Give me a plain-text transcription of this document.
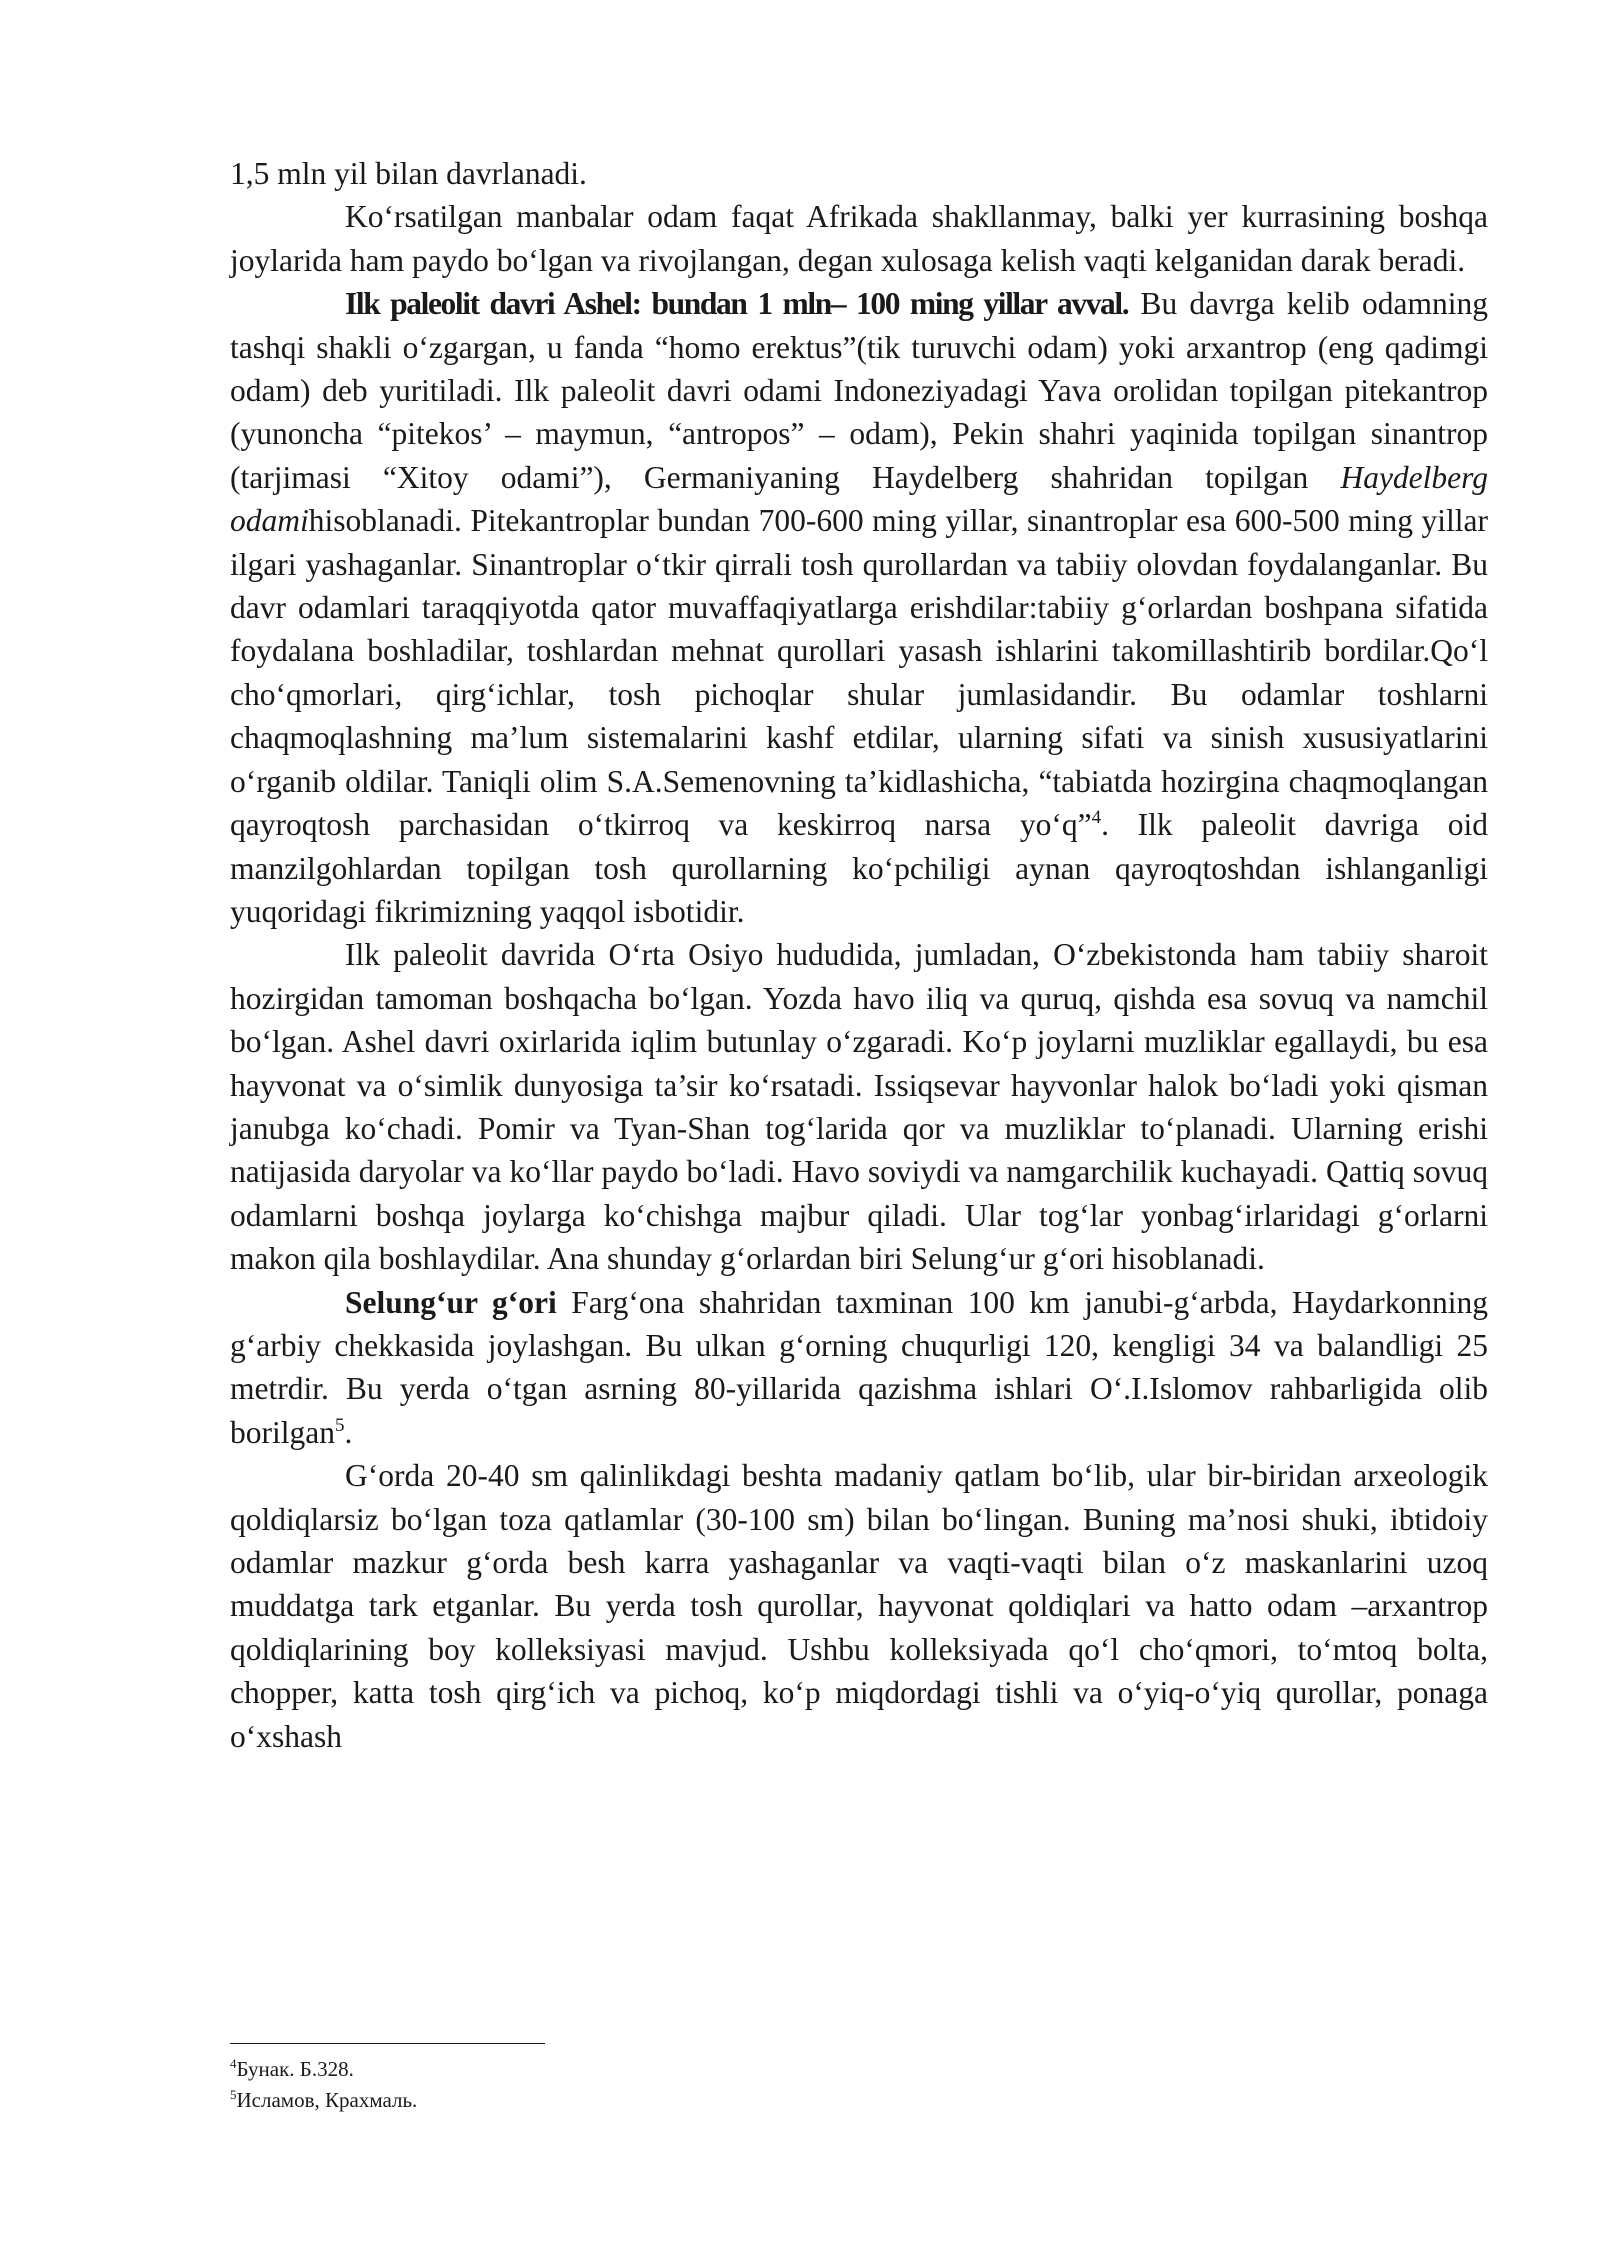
1,5 mln yil bilan davrlanadi.

Koʻrsatilgan manbalar odam faqat Afrikada shakllanmay, balki yer kurrasining boshqa joylarida ham paydo boʻlgan va rivojlangan, degan xulosaga kelish vaqti kelganidan darak beradi.

Ilk paleolit davri Ashel: bundan 1 mln– 100 ming yillar avval. Bu davrga kelib odamning tashqi shakli oʻzgargan, u fanda “homo erektus”(tik turuvchi odam) yoki arxantrop (eng qadimgi odam) deb yuritiladi. Ilk paleolit davri odami Indoneziyadagi Yava orolidan topilgan pitekantrop (yunoncha “pitekos’ – maymun, “antropos” – odam), Pekin shahri yaqinida topilgan sinantrop (tarjimasi “Xitoy odami”), Germaniyaning Haydelberg shahridan topilgan Haydelberg odamihisoblanadi. Pitekantroplar bundan 700-600 ming yillar, sinantroplar esa 600-500 ming yillar ilgari yashaganlar. Sinantroplar oʻtkir qirrali tosh qurollardan va tabiiy olovdan foydalanganlar. Bu davr odamlari taraqqiyotda qator muvaffaqiyatlarga erishdilar:tabiiy gʻorlardan boshpana sifatida foydalana boshladilar, toshlardan mehnat qurollari yasash ishlarini takomillashtirib bordilar.Qoʻl choʻqmorlari, qirgʻichlar, tosh pichoqlar shular jumlasidandir. Bu odamlar toshlarni chaqmoqlashning ma’lum sistemalarini kashf etdilar, ularning sifati va sinish xususiyatlarini oʻrganib oldilar. Taniqli olim S.A.Semenovning ta’kidlashicha, “tabiatda hozirgina chaqmoqlangan qayroqtosh parchasidan oʻtkirroq va keskirroq narsa yoʻq”$^4$. Ilk paleolit davriga oid manzilgohlardan topilgan tosh qurollarning koʻpchiligi aynan qayroqtoshdan ishlanganligi yuqoridagi fikrimizning yaqqol isbotidir.

Ilk paleolit davrida Oʻrta Osiyo hududida, jumladan, Oʻzbekistonda ham tabiiy sharoit hozirgidan tamoman boshqacha boʻlgan. Yozda havo iliq va quruq, qishda esa sovuq va namchil boʻlgan. Ashel davri oxirlarida iqlim butunlay oʻzgaradi. Koʻp joylarni muzliklar egallaydi, bu esa hayvonat va oʻsimlik dunyosiga ta’sir koʻrsatadi. Issiqsevar hayvonlar halok boʻladi yoki qisman janubga koʻchadi. Pomir va Tyan-Shan togʻlarida qor va muzliklar toʻplanadi. Ularning erishi natijasida daryolar va koʻllar paydo boʻladi. Havo soviydi va namgarchilik kuchayadi. Qattiq sovuq odamlarni boshqa joylarga koʻchishga majbur qiladi. Ular togʻlar yonbagʻirlaridagi gʻorlarni makon qila boshlaydilar. Ana shunday gʻorlardan biri Selungʻur gʻori hisoblanadi.

Selungʻur gʻori Fargʻona shahridan taxminan 100 km janubi-gʻarbda, Haydarkonning gʻarbiy chekkasida joylashgan. Bu ulkan gʻorning chuqurligi 120, kengligi 34 va balandligi 25 metrdir. Bu yerda oʻtgan asrning 80-yillarida qazishma ishlari Oʻ.I.Islomov rahbarligida olib borilgan$^5$.

Gʻorda 20-40 sm qalinlikdagi beshta madaniy qatlam boʻlib, ular bir-biridan arxeologik qoldiqlarsiz boʻlgan toza qatlamlar (30-100 sm) bilan boʻlingan. Buning ma’nosi shuki, ibtidoiy odamlar mazkur gʻorda besh karra yashaganlar va vaqti-vaqti bilan oʻz maskanlarini uzoq muddatga tark etganlar. Bu yerda tosh qurollar, hayvonat qoldiqlari va hatto odam –arxantrop qoldiqlarining boy kolleksiyasi mavjud. Ushbu kolleksiyada qoʻl choʻqmori, toʻmtoq bolta, chopper, katta tosh qirgʻich va pichoq, koʻp miqdordagi tishli va oʻyiq-oʻyiq qurollar, ponaga oʻxshash

$^4$Бунак. Б.328.
$^5$Исламов, Крахмаль.
